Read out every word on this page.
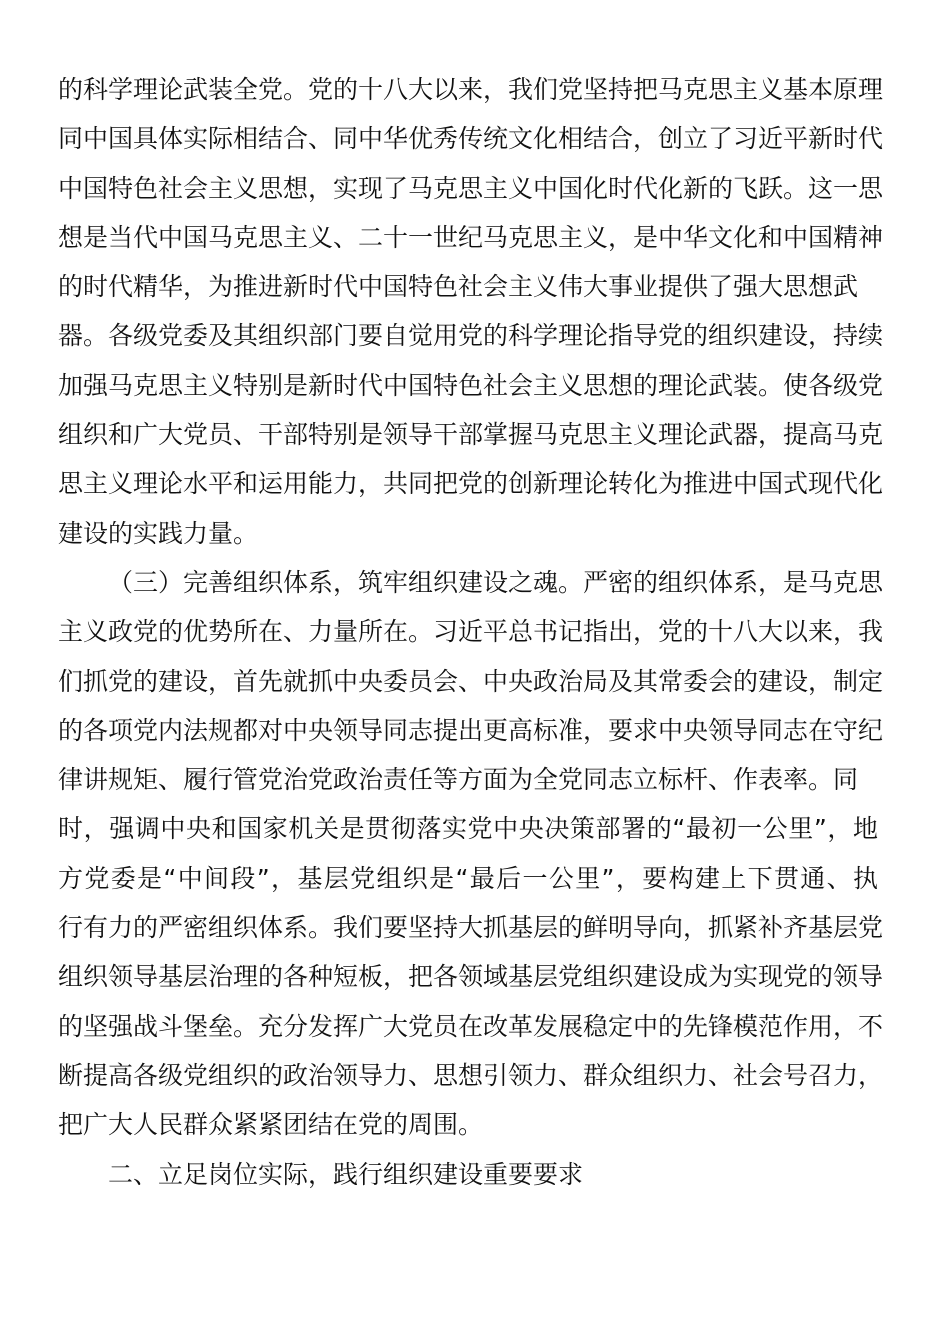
的科学理论武装全党。党的十八大以来，我们党坚持把马克思主义基本原理
同中国具体实际相结合、同中华优秀传统文化相结合，创立了习近平新时代
中国特色社会主义思想，实现了马克思主义中国化时代化新的飞跃。这一思
想是当代中国马克思主义、二十一世纪马克思主义，是中华文化和中国精神
的时代精华，为推进新时代中国特色社会主义伟大事业提供了强大思想武
器。各级党委及其组织部门要自觉用党的科学理论指导党的组织建设，持续
加强马克思主义特别是新时代中国特色社会主义思想的理论武装。使各级党
组织和广大党员、干部特别是领导干部掌握马克思主义理论武器，提高马克
思主义理论水平和运用能力，共同把党的创新理论转化为推进中国式现代化
建设的实践力量。
（三）完善组织体系，筑牢组织建设之魂。严密的组织体系，是马克思
主义政党的优势所在、力量所在。习近平总书记指出，党的十八大以来，我
们抓党的建设，首先就抓中央委员会、中央政治局及其常委会的建设，制定
的各项党内法规都对中央领导同志提出更高标准，要求中央领导同志在守纪
律讲规矩、履行管党治党政治责任等方面为全党同志立标杆、作表率。同
时，强调中央和国家机关是贯彻落实党中央决策部署的“最初一公里”，地
方党委是“中间段”，基层党组织是“最后一公里”，要构建上下贯通、执
行有力的严密组织体系。我们要坚持大抓基层的鲜明导向，抓紧补齐基层党
组织领导基层治理的各种短板，把各领域基层党组织建设成为实现党的领导
的坚强战斗堡垒。充分发挥广大党员在改革发展稳定中的先锋模范作用，不
断提高各级党组织的政治领导力、思想引领力、群众组织力、社会号召力，
把广大人民群众紧紧团结在党的周围。
二、立足岗位实际，践行组织建设重要要求
